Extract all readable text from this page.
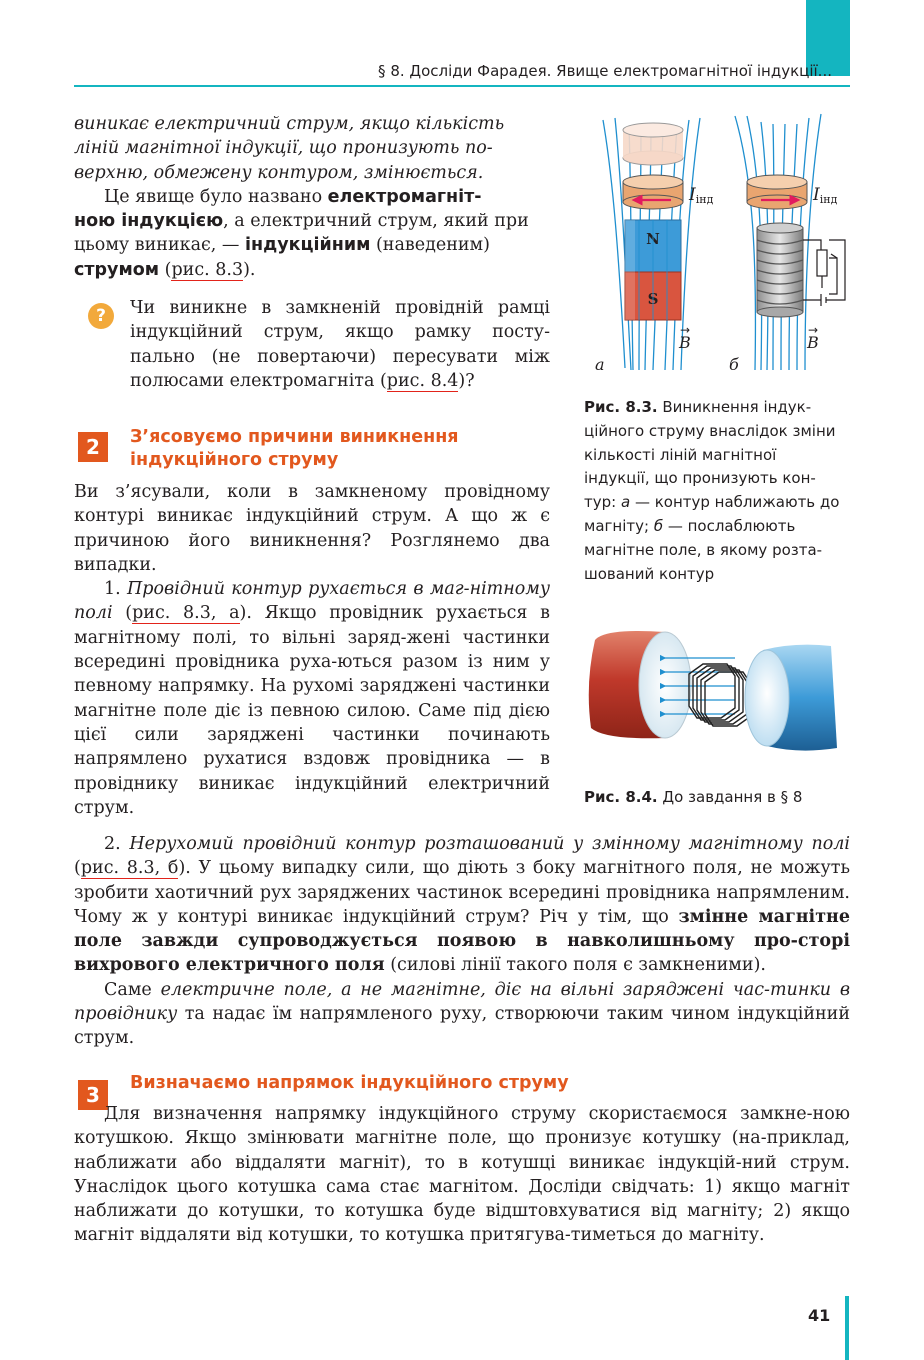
§ 8. Досліди Фарадея. Явище електромагнітної індукції...

виникає електричний струм, якщо кількість

ліній магнітної індукції, що пронизують по-

верхню, обмежену контуром, змінюється.

Це явище було названо електромагніт-
ною індукцією, а електричний струм, який при
цьому виникає, — індукційним (наведеним)
струмом (рис. 8.3).

?	Чи виникне в замкненій провідній рамці індукційний струм, якщо рамку посту-пально (не повертаючи) пересувати між полюсами електромагніта (рис. 8.4)?

2	З’ясовуємо причини виникнення
індукційного струму

Ви з’ясували, коли в замкненому провідному контурі виникає індукційний струм. А що ж є причиною його виникнення? Розглянемо два випадки.

1. Провідний контур рухається в маг-нітному полі (рис. 8.3, а). Якщо провідник рухається в магнітному полі, то вільні заряд-жені частинки всередині провідника руха-ються разом із ним у певному напрямку. На рухомі заряджені частинки магнітне поле діє із певною силою. Саме під дією цієї сили заряджені частинки починають напрямлено рухатися вздовж провідника — в провіднику виникає індукційний електричний струм.

2. Нерухомий провідний контур розташований у змінному магнітному полі (рис. 8.3, б). У цьому випадку сили, що діють з боку магнітного поля, не можуть зробити хаотичний рух заряджених частинок всередині провідника напрямленим. Чому ж у контурі виникає індукційний струм? Річ у тім, що змінне магнітне поле завжди супроводжується появою в навколишньому про-сторі вихрового електричного поля (силові лінії такого поля є замкненими).

Саме електричне поле, а не магнітне, діє на вільні заряджені час-тинки в провіднику та надає їм напрямленого руху, створюючи таким чином індукційний струм.

3	Визначаємо напрямок індукційного струму

Для визначення напрямку індукційного струму скористаємося замкне-ною котушкою. Якщо змінювати магнітне поле, що пронизує котушку (на-приклад, наближати або віддаляти магніт), то в котушці виникає індукцій-ний струм. Унаслідок цього котушка сама стає магнітом. Досліди свідчать: 1) якщо магніт наближати до котушки, то котушка буде відштовхуватися від магніту; 2) якщо магніт віддаляти від котушки, то котушка притягува-тиметься до магніту.

Iінд
N
S
B
→
а
Iінд
B
→
б
Рис. 8.3. Виникнення індук-ційного струму внаслідок зміни кількості ліній магнітної індукції, що пронизують кон-тур: а — контур наближають до магніту; б — послаблюють магнітне поле, в якому розта-шований контур
Рис. 8.4. До завдання в § 8
41
